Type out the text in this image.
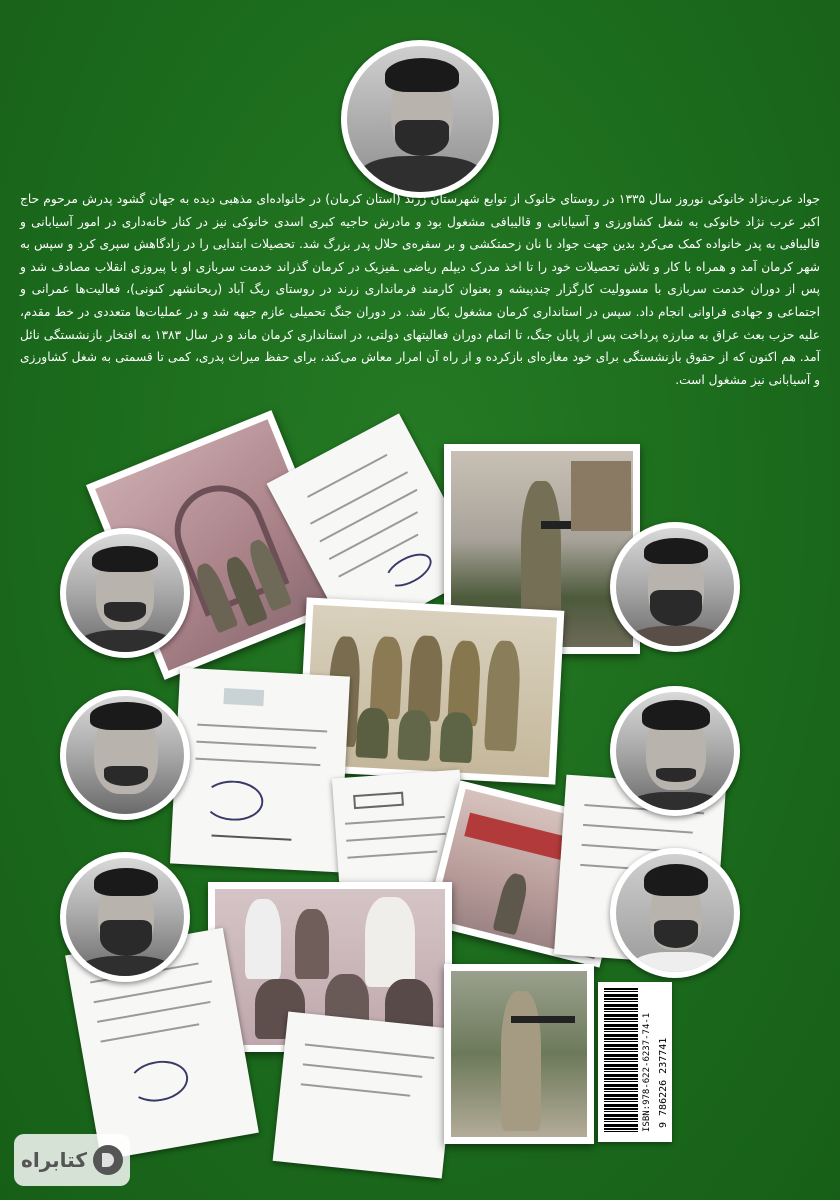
جواد عرب‌نژاد خانوکی نوروز سال ۱۳۳۵ در روستای خانوک از توابع شهرستان زرند (استان کرمان) در خانواده‌ای مذهبی دیده به جهان گشود پدرش مرحوم حاج اکبر عرب نژاد خانوکی به شغل کشاورزی و آسیابانی و قالیبافی مشغول بود و مادرش حاجیه کبری اسدی خانوکی نیز در کنار خانه‌داری در امور آسیابانی و قالیبافی به پدر خانواده کمک می‌کرد بدین جهت جواد با نان زحمتکشی و بر سفره‌ی حلال پدر بزرگ شد. تحصیلات ابتدایی را در زادگاهش سپری کرد و سپس به شهر کرمان آمد و همراه با کار و تلاش تحصیلات خود را تا اخذ مدرک دیپلم ریاضی ـفیزیک در کرمان گذراند خدمت سربازی او با پیروزی انقلاب مصادف شد و پس از دوران خدمت سربازی با مسوولیت کارگزار چندپیشه و بعنوان کارمند فرمانداری زرند در روستای ریگ آباد (ریحانشهر کنونی)، فعالیت‌ها عمرانی و اجتماعی و جهادی فراوانی انجام داد. سپس در استانداری کرمان مشغول بکار شد. در دوران جنگ تحمیلی عازم جبهه شد و در عملیات‌ها متعددی در خط مقدم، علیه حزب بعث عراق به مبارزه پرداخت پس از پایان جنگ، تا اتمام دوران فعالیتهای دولتی، در استانداری کرمان ماند و در سال ۱۳۸۳ به افتخار بازنشستگی نائل آمد. هم اکنون که از حقوق بازنشستگی برای خود مغازه‌ای بازکرده و از راه آن امرار معاش می‌کند، برای حفظ میراث پدری، کمی تا قسمتی به شغل کشاورزی و آسیابانی نیز مشغول است.

ISBN:978-622-6237-74-1 9 786226 237741
کتابراه
